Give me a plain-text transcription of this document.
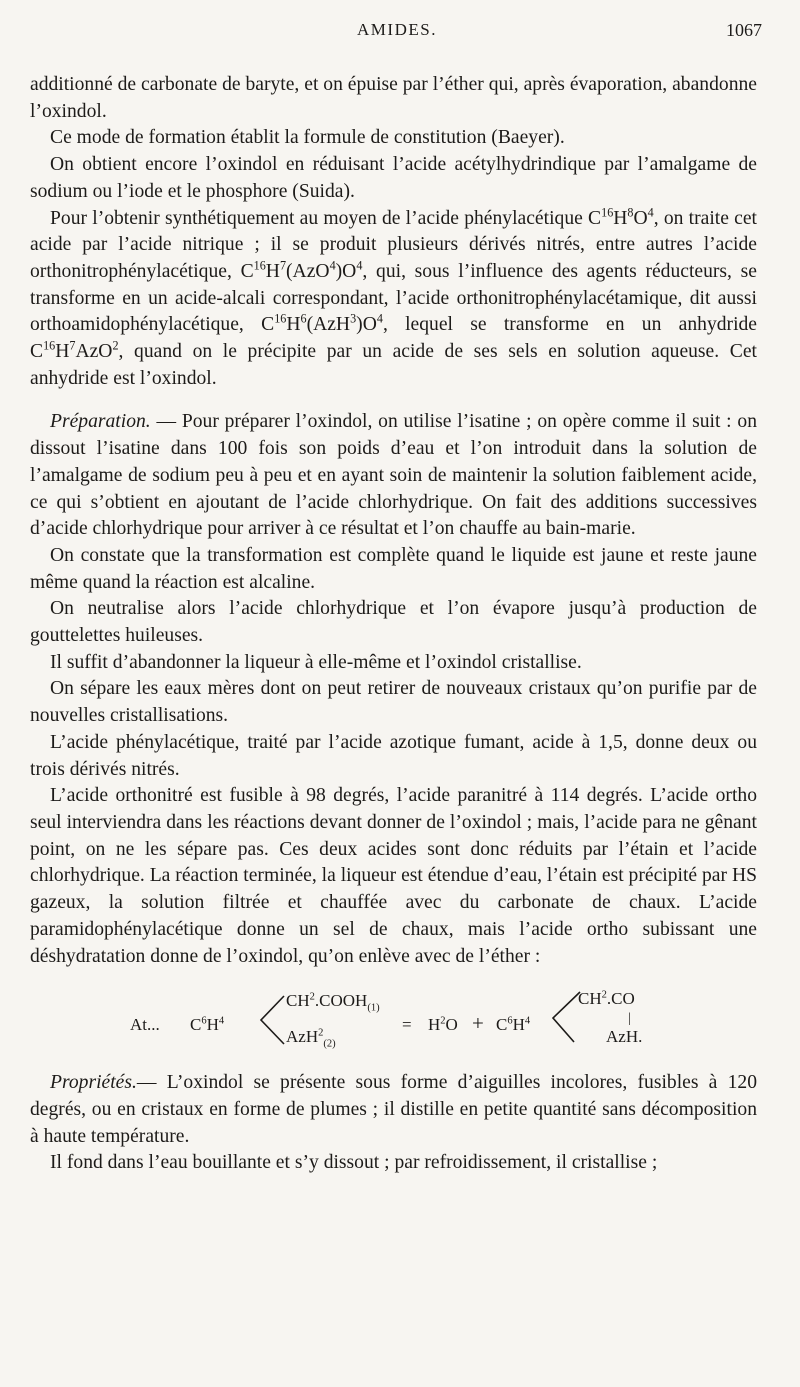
AMIDES.	1067

additionné de carbonate de baryte, et on épuise par l’éther qui, après évaporation, abandonne l’oxindol.

Ce mode de formation établit la formule de constitution (Baeyer).

On obtient encore l’oxindol en réduisant l’acide acétylhydrindique par l’amalgame de sodium ou l’iode et le phosphore (Suida).

Pour l’obtenir synthétiquement au moyen de l’acide phénylacétique $C^{16}H^8O^4$, on traite cet acide par l’acide nitrique ; il se produit plusieurs dérivés nitrés, entre autres l’acide orthonitrophénylacétique, $C^{16}H^7(AzO^4)O^4$, qui, sous l’influence des agents réducteurs, se transforme en un acide-alcali correspondant, l’acide orthonitrophénylacétamique, dit aussi orthoamidophénylacétique, $C^{16}H^6(AzH^3)O^4$, lequel se transforme en un anhydride $C^{16}H^7AzO^2$, quand on le précipite par un acide de ses sels en solution aqueuse. Cet anhydride est l’oxindol.

Préparation. — Pour préparer l’oxindol, on utilise l’isatine ; on opère comme il suit : on dissout l’isatine dans 100 fois son poids d’eau et l’on introduit dans la solution de l’amalgame de sodium peu à peu et en ayant soin de maintenir la solution faiblement acide, ce qui s’obtient en ajoutant de l’acide chlorhydrique. On fait des additions successives d’acide chlorhydrique pour arriver à ce résultat et l’on chauffe au bain-marie.

On constate que la transformation est complète quand le liquide est jaune et reste jaune même quand la réaction est alcaline.

On neutralise alors l’acide chlorhydrique et l’on évapore jusqu’à production de gouttelettes huileuses.

Il suffit d’abandonner la liqueur à elle-même et l’oxindol cristallise.

On sépare les eaux mères dont on peut retirer de nouveaux cristaux qu’on purifie par de nouvelles cristallisations.

L’acide phénylacétique, traité par l’acide azotique fumant, acide à 1,5, donne deux ou trois dérivés nitrés.

L’acide orthonitré est fusible à 98 degrés, l’acide paranitré à 114 degrés. L’acide ortho seul interviendra dans les réactions devant donner de l’oxindol ; mais, l’acide para ne gênant point, on ne les sépare pas. Ces deux acides sont donc réduits par l’étain et l’acide chlorhydrique. La réaction terminée, la liqueur est étendue d’eau, l’étain est précipité par HS gazeux, la solution filtrée et chauffée avec du carbonate de chaux. L’acide paramidophénylacétique donne un sel de chaux, mais l’acide ortho subissant une déshydratation donne de l’oxindol, qu’on enlève avec de l’éther :

At... $C^6H^4$
$CH^2.COOH_{(1)}$
AzH$^2_{(2)}$
= $H^2O + C^6H^4$
$CH^2.CO$
|
AzH.

Propriétés.— L’oxindol se présente sous forme d’aiguilles incolores, fusibles à 120 degrés, ou en cristaux en forme de plumes ; il distille en petite quantité sans décomposition à haute température.

Il fond dans l’eau bouillante et s’y dissout ; par refroidissement, il cristallise ;
